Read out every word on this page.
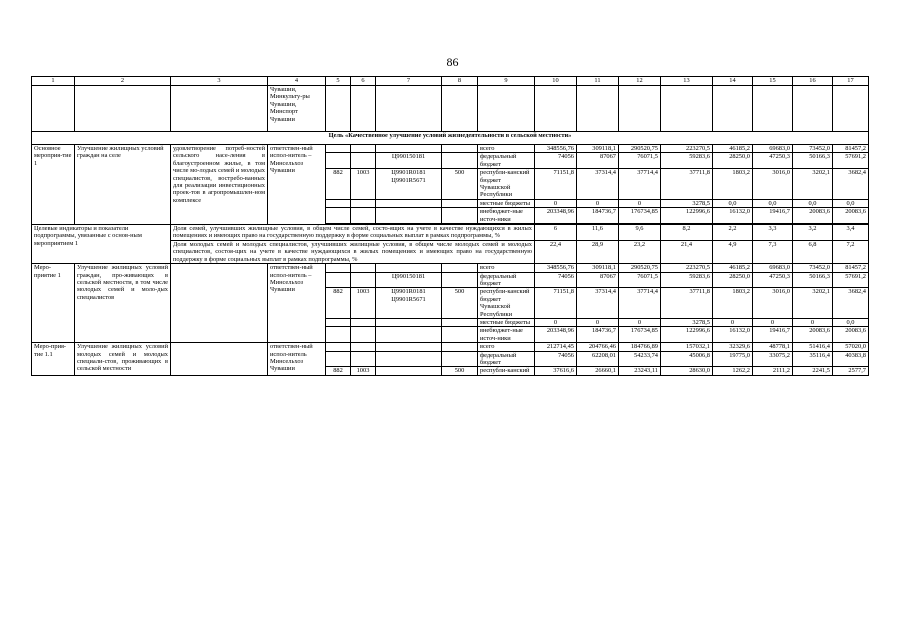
86
1	2	3	4	5	6	7	8	9	10	11	12	13	14	15	16	17
			Чувашии, Минкульту-ры Чувашии, Минспорт Чувашии													
Цель «Качественное улучшение условий жизнедеятельности в сельской местности»																
Основное мероприя-тие 1	Улучшение жилищных условий граждан на селе	удовлетворение потреб-ностей сельского насе-ления в благоустроенном жилье, в том числе мо-лодых семей и молодых специалистов, востребо-ванных для реализации инвестиционных проек-тов в агропромышлен-ном комплексе	ответствен-ный испол-нитель – Минсельхоз Чувашии					всего	348556,76	309118,1	290520,75	223270,5	46185,2	69683,0	73452,0	81457,2
						Ц990150181		федеральный бюджет	74056	87067	76071,5	59283,6	28250,0	47250,3	50166,3	57691,2
				882	1003	Ц9901R0181 Ц9901R5671	500	республи-канский бюджет Чувашской Республики	71151,8	37314,4	37714,4	37711,8	1803,2	3016,0	3202,1	3682,4
								местные бюджеты	0	0	0	3278,5	0,0	0,0	0,0	0,0
								внебюджет-ные источ-ники	203348,96	184736,7	176734,85	122996,6	16132,0	19416,7	20083,6	20083,6

Целевые индикаторы и показатели подпрограммы, увязанные с основ-ным мероприятием 1		Доля семей, улучшивших жилищные условия, в общем числе семей, состо-ящих на учете в качестве нуждающихся в жилых помещениях и имеющих право на государственную поддержку в форме социальных выплат в рамках подпрограммы, %							6	11,6	9,6	8,2	2,2	3,3	3,2	3,4
		Доля молодых семей и молодых специалистов, улучшивших жилищные условия, в общем числе молодых семей и молодых специалистов, состоя-щих на учете в качестве нуждающихся в жилых помещениях и имеющих право на государственную поддержку в форме социальных выплат в рамках подпрограммы, %							22,4	28,9	23,2	21,4	4,9	7,3	6,8	7,2
Меро-приятие 1	Улучшение жилищных условий граждан, про-живающих в сельской местности, в том числе молодых семей и моло-дых специалистов		ответствен-ный испол-нитель – Минсельхоз Чувашии					всего	348556,76	309118,1	290520,75	223270,5	46185,2	69683,0	73452,0	81457,2
						Ц990150181		федеральный бюджет	74056	87067	76071,5	59283,6	28250,0	47250,3	50166,3	57691,2
				882	1003	Ц9901R0181 Ц9901R5671	500	республи-канский бюджет Чувашской Республики	71151,8	37314,4	37714,4	37711,8	1803,2	3016,0	3202,1	3682,4
								местные бюджеты	0	0	0	3278,5	0	0	0	0,0
								внебюджет-ные источ-ники	203348,96	184736,7	176734,85	122996,6	16132,0	19416,7	20083,6	20083,6
Меро-прия-тие 1.1	Улучшение жилищных условий молодых семей и молодых специали-стов, проживающих в сельской местности		ответствен-ный испол-нитель Минсельхоз Чувашии					всего	212714,45	204766,46	184766,89	157032,1	32329,6	48778,1	51416,4	57020,0
								федеральный бюджет	74056	62208,01	54233,74	45006,8	19775,0	33075,2	35116,4	40383,8
				882	1003		500	республи-канский	37616,6	26660,1	23243,11	28630,0	1262,2	2111,2	2241,5	2577,7
